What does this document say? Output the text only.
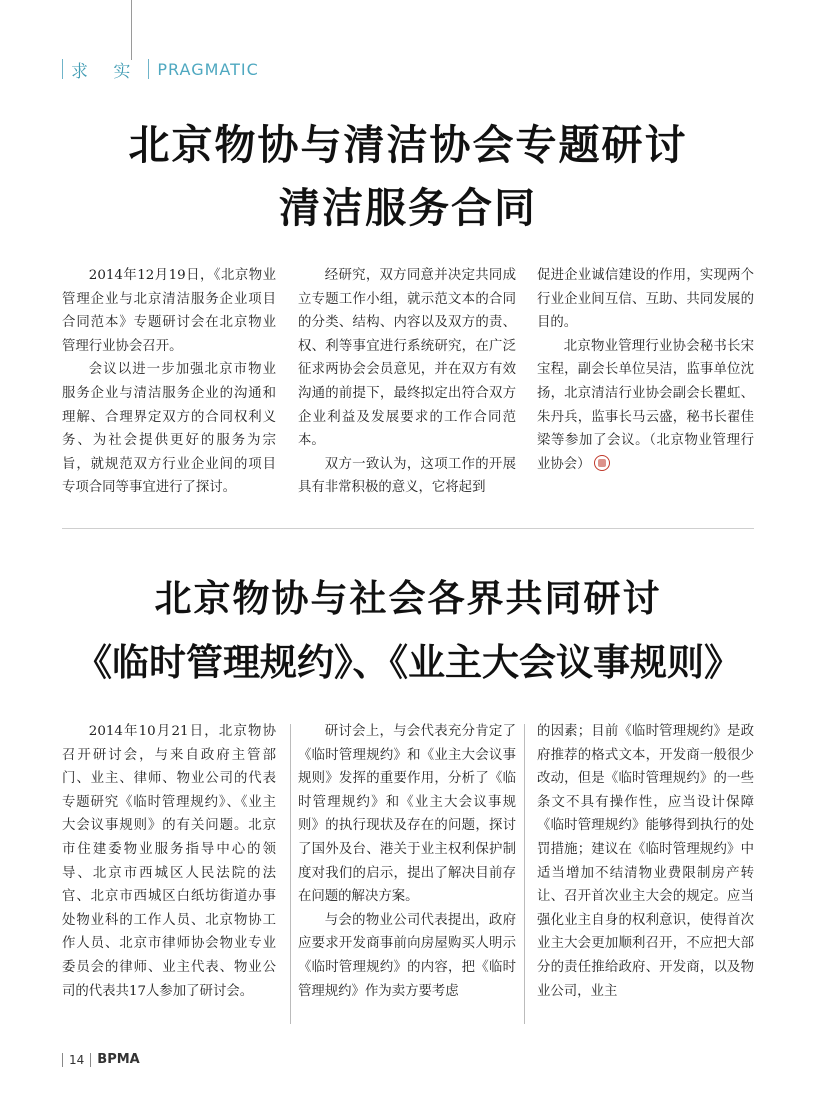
求 实 PRAGMATIC
北京物协与清洁协会专题研讨
清洁服务合同

2014年12月19日，《北京物业管理企业与北京清洁服务企业项目合同范本》专题研讨会在北京物业管理行业协会召开。

会议以进一步加强北京市物业服务企业与清洁服务企业的沟通和理解、合理界定双方的合同权利义务、为社会提供更好的服务为宗旨，就规范双方行业企业间的项目专项合同等事宜进行了探讨。

经研究，双方同意并决定共同成立专题工作小组，就示范文本的合同的分类、结构、内容以及双方的责、权、利等事宜进行系统研究，在广泛征求两协会会员意见，并在双方有效沟通的前提下，最终拟定出符合双方企业利益及发展要求的工作合同范本。

双方一致认为，这项工作的开展具有非常积极的意义，它将起到

促进企业诚信建设的作用，实现两个行业企业间互信、互助、共同发展的目的。

北京物业管理行业协会秘书长宋宝程，副会长单位吴洁，监事单位沈扬，北京清洁行业协会副会长瞿虹、朱丹兵，监事长马云盛，秘书长翟佳梁等参加了会议。（北京物业管理行业协会）

北京物协与社会各界共同研讨
《临时管理规约》、《业主大会议事规则》

2014年10月21日，北京物协召开研讨会，与来自政府主管部门、业主、律师、物业公司的代表专题研究《临时管理规约》、《业主大会议事规则》的有关问题。北京市住建委物业服务指导中心的领导、北京市西城区人民法院的法官、北京市西城区白纸坊街道办事处物业科的工作人员、北京物协工作人员、北京市律师协会物业专业委员会的律师、业主代表、物业公司的代表共17人参加了研讨会。

研讨会上，与会代表充分肯定了《临时管理规约》和《业主大会议事规则》发挥的重要作用，分析了《临时管理规约》和《业主大会议事规则》的执行现状及存在的问题，探讨了国外及台、港关于业主权利保护制度对我们的启示，提出了解决目前存在问题的解决方案。

与会的物业公司代表提出，政府应要求开发商事前向房屋购买人明示《临时管理规约》的内容，把《临时管理规约》作为卖方要考虑

的因素；目前《临时管理规约》是政府推荐的格式文本，开发商一般很少改动，但是《临时管理规约》的一些条文不具有操作性，应当设计保障《临时管理规约》能够得到执行的处罚措施；建议在《临时管理规约》中适当增加不结清物业费限制房产转让、召开首次业主大会的规定。应当强化业主自身的权利意识，使得首次业主大会更加顺利召开，不应把大部分的责任推给政府、开发商，以及物业公司，业主

14 BPMA
